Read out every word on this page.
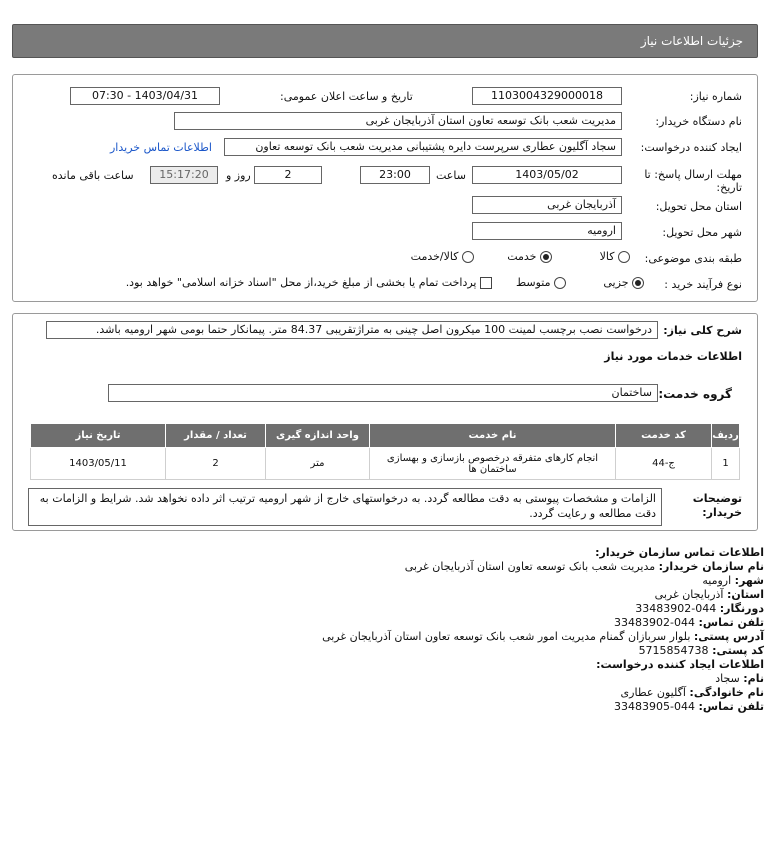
جزئیات اطلاعات نیاز
شماره نیاز:
1103004329000018
تاریخ و ساعت اعلان عمومی:
1403/04/31 - 07:30
نام دستگاه خریدار:
مدیریت شعب بانک توسعه تعاون استان آذربایجان غربی
ایجاد کننده درخواست:
سجاد آگلیون عطاری سرپرست دایره پشتیبانی مدیریت شعب بانک توسعه تعاون
اطلاعات تماس خریدار
مهلت ارسال پاسخ: تا تاریخ:
1403/05/02
ساعت
23:00
2
روز و
15:17:20
ساعت باقی مانده
استان محل تحویل:
آذربایجان غربی
شهر محل تحویل:
ارومیه
طبقه بندی موضوعی:
کالا
خدمت
کالا/خدمت
نوع فرآیند خرید :
جزیی
متوسط
پرداخت تمام یا بخشی از مبلغ خرید،از محل "اسناد خزانه اسلامی" خواهد بود.
شرح کلی نیاز:
درخواست نصب برچسب لمینت 100 میکرون اصل چینی به متراژتقریبی 84.37 متر. پیمانکار حتما بومی شهر ارومیه باشد.
اطلاعات خدمات مورد نیاز
گروه خدمت:
ساختمان
ردیف	کد خدمت	نام خدمت	واحد اندازه گیری	تعداد / مقدار	تاریخ نیاز
1	ج-44	انجام کارهای متفرقه درخصوص بازسازی و بهسازی ساختمان ها	متر	2	1403/05/11
توضیحات خریدار:
الزامات و مشخصات پیوستی به دقت مطالعه گردد. به درخواستهای خارج از شهر ارومیه ترتیب اثر داده نخواهد شد. شرایط و الزامات به دقت مطالعه و رعایت گردد.
اطلاعات تماس سازمان خریدار:
نام سازمان خریدار: مدیریت شعب بانک توسعه تعاون استان آذربایجان غربی
شهر: ارومیه
استان: آذربایجان غربی
دورنگار: 044-33483902
تلفن تماس: 044-33483902
آدرس پستی: بلوار سربازان گمنام مدیریت امور شعب بانک توسعه تعاون استان آذربایجان غربی
کد پستی: 5715854738
اطلاعات ایجاد کننده درخواست:
نام: سجاد
نام خانوادگی: آگلیون عطاری
تلفن تماس: 044-33483905
